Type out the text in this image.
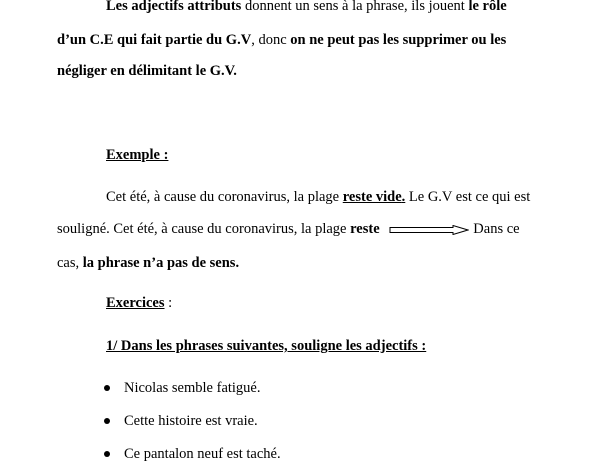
Les adjectifs attributs donnent un sens à la phrase, ils jouent le rôle
d’un C.E qui fait partie du G.V, donc on ne peut pas les supprimer ou les
négliger en délimitant le G.V.
Exemple :
Cet été, à cause du coronavirus, la plage reste vide. Le G.V est ce qui est
souligné. Cet été, à cause du coronavirus, la plage reste	Dans ce
cas, la phrase n’a pas de sens.
Exercices :
1/ Dans les phrases suivantes, souligne les adjectifs :
Nicolas semble fatigué.
Cette histoire est vraie.
Ce pantalon neuf est taché.
